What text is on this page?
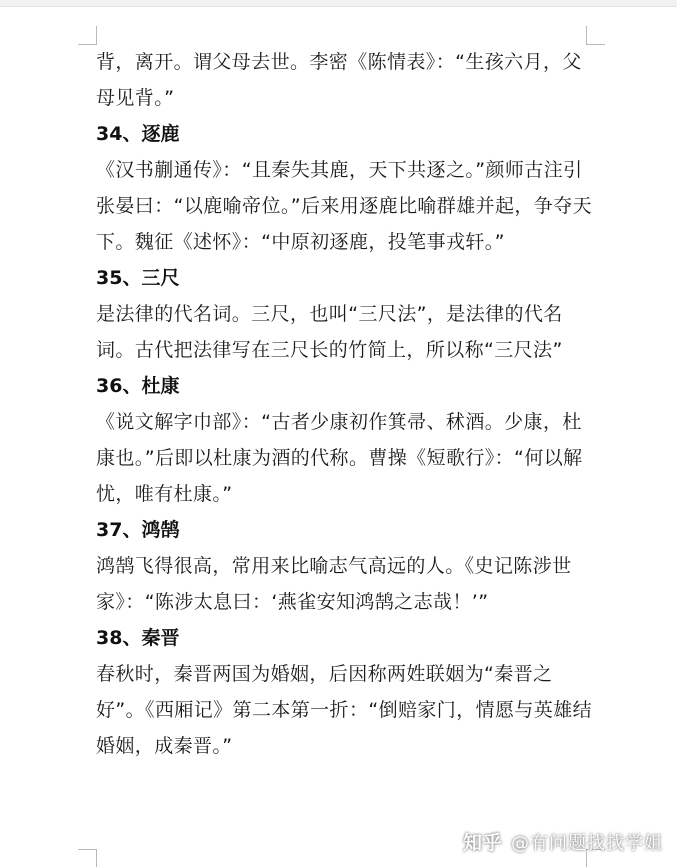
背，离开。谓父母去世。李密《陈情表》：“生孩六月，父母见背。”

34、逐鹿

《汉书蒯通传》：“且秦失其鹿，天下共逐之。”颜师古注引张晏曰：“以鹿喻帝位。”后来用逐鹿比喻群雄并起，争夺天下。魏征《述怀》：“中原初逐鹿，投笔事戎轩。”

35、三尺

是法律的代名词。三尺，也叫“三尺法”，是法律的代名词。古代把法律写在三尺长的竹简上，所以称“三尺法”

36、杜康

《说文解字巾部》：“古者少康初作箕帚、秫酒。少康，杜康也。”后即以杜康为酒的代称。曹操《短歌行》：“何以解忧，唯有杜康。”

37、鸿鹄

鸿鹄飞得很高，常用来比喻志气高远的人。《史记陈涉世家》：“陈涉太息曰：‘燕雀安知鸿鹄之志哉！’”

38、秦晋

春秋时，秦晋两国为婚姻，后因称两姓联姻为“秦晋之好”。《西厢记》第二本第一折：“倒赔家门，情愿与英雄结婚姻，成秦晋。”

知乎 @有问题找找学姐
